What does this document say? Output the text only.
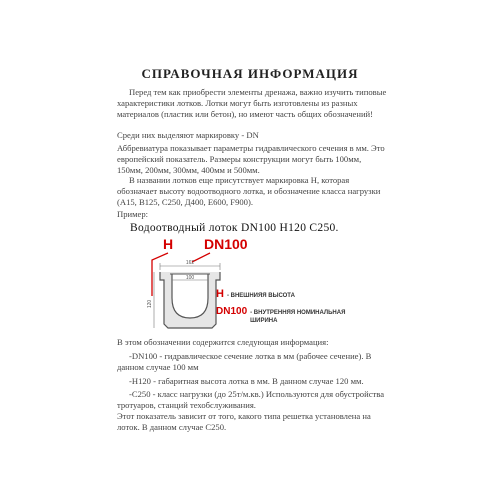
СПРАВОЧНАЯ ИНФОРМАЦИЯ

Перед тем как приобрести элементы дренажа, важно изучить типовые характеристики лотков. Лотки могут быть изготовлены из разных материалов (пластик или бетон), но имеют часть общих обозначений!

Среди них выделяют маркировку - DN

Аббревиатура показывает параметры гидравлического сечения в мм. Это европейский показатель. Размеры конструкции могут быть 100мм, 150мм, 200мм, 300мм, 400мм и 500мм.

В названии лотков еще присутствует маркировка Н, которая обозначает высоту водоотводного лотка, и обозначение класса нагрузки (А15, В125, С250, Д400, Е600, F900).

Пример:

Водоотводный лоток DN100 H120 C250.
H DN100
162
100
120
H - ВНЕШНИЯЯ ВЫСОТА
DN100 - ВНУТРЕННЯЯ НОМИНАЛЬНАЯ ШИРИНА

В этом обозначении содержится следующая информация:

-DN100 - гидравлическое сечение лотка в мм (рабочее сечение). В данном случае 100 мм

-Н120 - габаритная высота лотка в мм. В данном случае 120 мм.

-С250 - класс нагрузки (до 25т/м.кв.) Используются для обустройства тротуаров, станций техобслуживания.

Этот показатель зависит от того, какого типа решетка установлена на лоток. В данном случае С250.
